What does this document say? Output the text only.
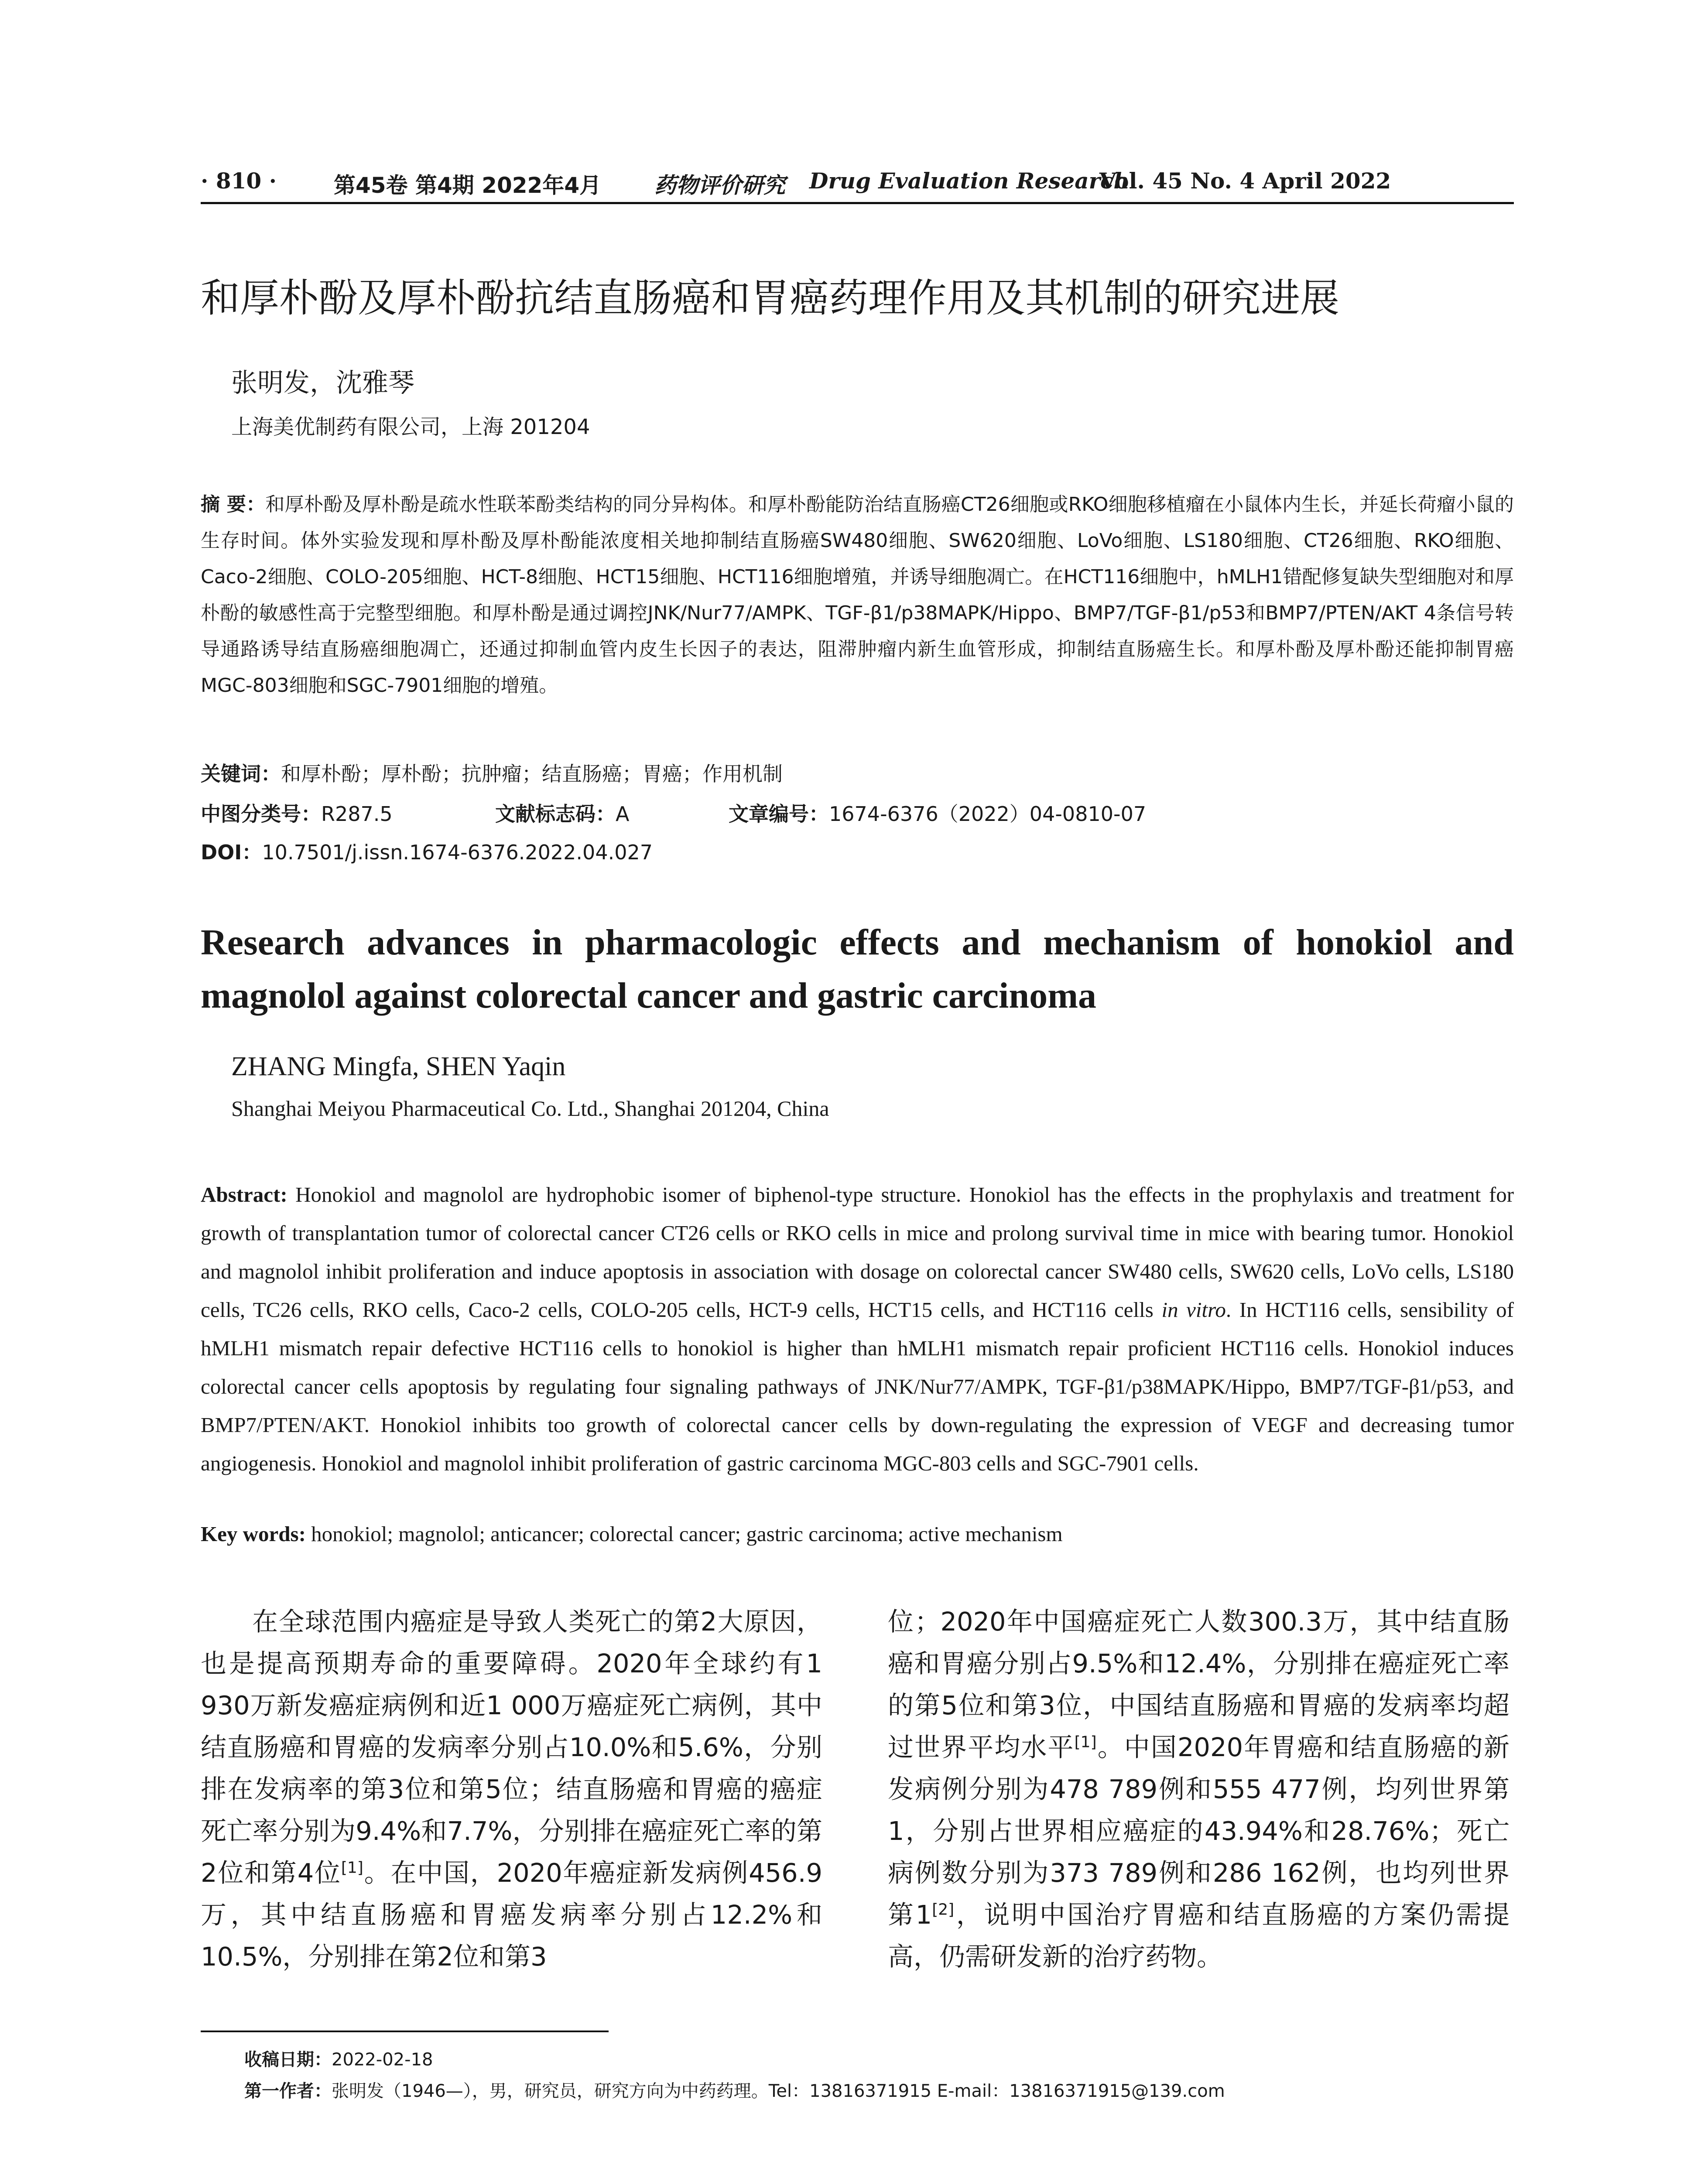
· 810 ·	第45卷 第4期 2022年4月 药物评价研究 Drug Evaluation Research
Vol. 45 No. 4 April 2022
和厚朴酚及厚朴酚抗结直肠癌和胃癌药理作用及其机制的研究进展
张明发，沈雅琴
上海美优制药有限公司，上海 201204
摘 要：和厚朴酚及厚朴酚是疏水性联苯酚类结构的同分异构体。和厚朴酚能防治结直肠癌CT26细胞或RKO细胞移植瘤在小鼠体内生长，并延长荷瘤小鼠的生存时间。体外实验发现和厚朴酚及厚朴酚能浓度相关地抑制结直肠癌SW480细胞、SW620细胞、LoVo细胞、LS180细胞、CT26细胞、RKO细胞、Caco-2细胞、COLO-205细胞、HCT-8细胞、HCT15细胞、HCT116细胞增殖，并诱导细胞凋亡。在HCT116细胞中，hMLH1错配修复缺失型细胞对和厚朴酚的敏感性高于完整型细胞。和厚朴酚是通过调控JNK/Nur77/AMPK、TGF-β1/p38MAPK/Hippo、BMP7/TGF-β1/p53和BMP7/PTEN/AKT 4条信号转导通路诱导结直肠癌细胞凋亡，还通过抑制血管内皮生长因子的表达，阻滞肿瘤内新生血管形成，抑制结直肠癌生长。和厚朴酚及厚朴酚还能抑制胃癌MGC-803细胞和SGC-7901细胞的增殖。
关键词：和厚朴酚；厚朴酚；抗肿瘤；结直肠癌；胃癌；作用机制
中图分类号：R287.5	文献标志码：A	文章编号：1674-6376（2022）04-0810-07
DOI：10.7501/j.issn.1674-6376.2022.04.027
Research advances in pharmacologic effects and mechanism of honokiol and magnolol against colorectal cancer and gastric carcinoma
ZHANG Mingfa, SHEN Yaqin
Shanghai Meiyou Pharmaceutical Co. Ltd., Shanghai 201204, China
Abstract: Honokiol and magnolol are hydrophobic isomer of biphenol-type structure. Honokiol has the effects in the prophylaxis and treatment for growth of transplantation tumor of colorectal cancer CT26 cells or RKO cells in mice and prolong survival time in mice with bearing tumor. Honokiol and magnolol inhibit proliferation and induce apoptosis in association with dosage on colorectal cancer SW480 cells, SW620 cells, LoVo cells, LS180 cells, TC26 cells, RKO cells, Caco-2 cells, COLO-205 cells, HCT-9 cells, HCT15 cells, and HCT116 cells in vitro. In HCT116 cells, sensibility of hMLH1 mismatch repair defective HCT116 cells to honokiol is higher than hMLH1 mismatch repair proficient HCT116 cells. Honokiol induces colorectal cancer cells apoptosis by regulating four signaling pathways of JNK/Nur77/AMPK, TGF-β1/p38MAPK/Hippo, BMP7/TGF-β1/p53, and BMP7/PTEN/AKT. Honokiol inhibits too growth of colorectal cancer cells by down-regulating the expression of VEGF and decreasing tumor angiogenesis. Honokiol and magnolol inhibit proliferation of gastric carcinoma MGC-803 cells and SGC-7901 cells.
Key words: honokiol; magnolol; anticancer; colorectal cancer; gastric carcinoma; active mechanism
在全球范围内癌症是导致人类死亡的第2大原因，也是提高预期寿命的重要障碍。2020年全球约有1 930万新发癌症病例和近1 000万癌症死亡病例，其中结直肠癌和胃癌的发病率分别占10.0%和5.6%，分别排在发病率的第3位和第5位；结直肠癌和胃癌的癌症死亡率分别为9.4%和7.7%，分别排在癌症死亡率的第2位和第4位[1]。在中国，2020年癌症新发病例456.9万，其中结直肠癌和胃癌发病率分别占12.2%和10.5%，分别排在第2位和第3
位；2020年中国癌症死亡人数300.3万，其中结直肠癌和胃癌分别占9.5%和12.4%，分别排在癌症死亡率的第5位和第3位，中国结直肠癌和胃癌的发病率均超过世界平均水平[1]。中国2020年胃癌和结直肠癌的新发病例分别为478 789例和555 477例，均列世界第1，分别占世界相应癌症的43.94%和28.76%；死亡病例数分别为373 789例和286 162例，也均列世界第1[2]，说明中国治疗胃癌和结直肠癌的方案仍需提高，仍需研发新的治疗药物。
收稿日期：2022-02-18
第一作者：张明发（1946—），男，研究员，研究方向为中药药理。Tel：13816371915 E-mail：13816371915@139.com
